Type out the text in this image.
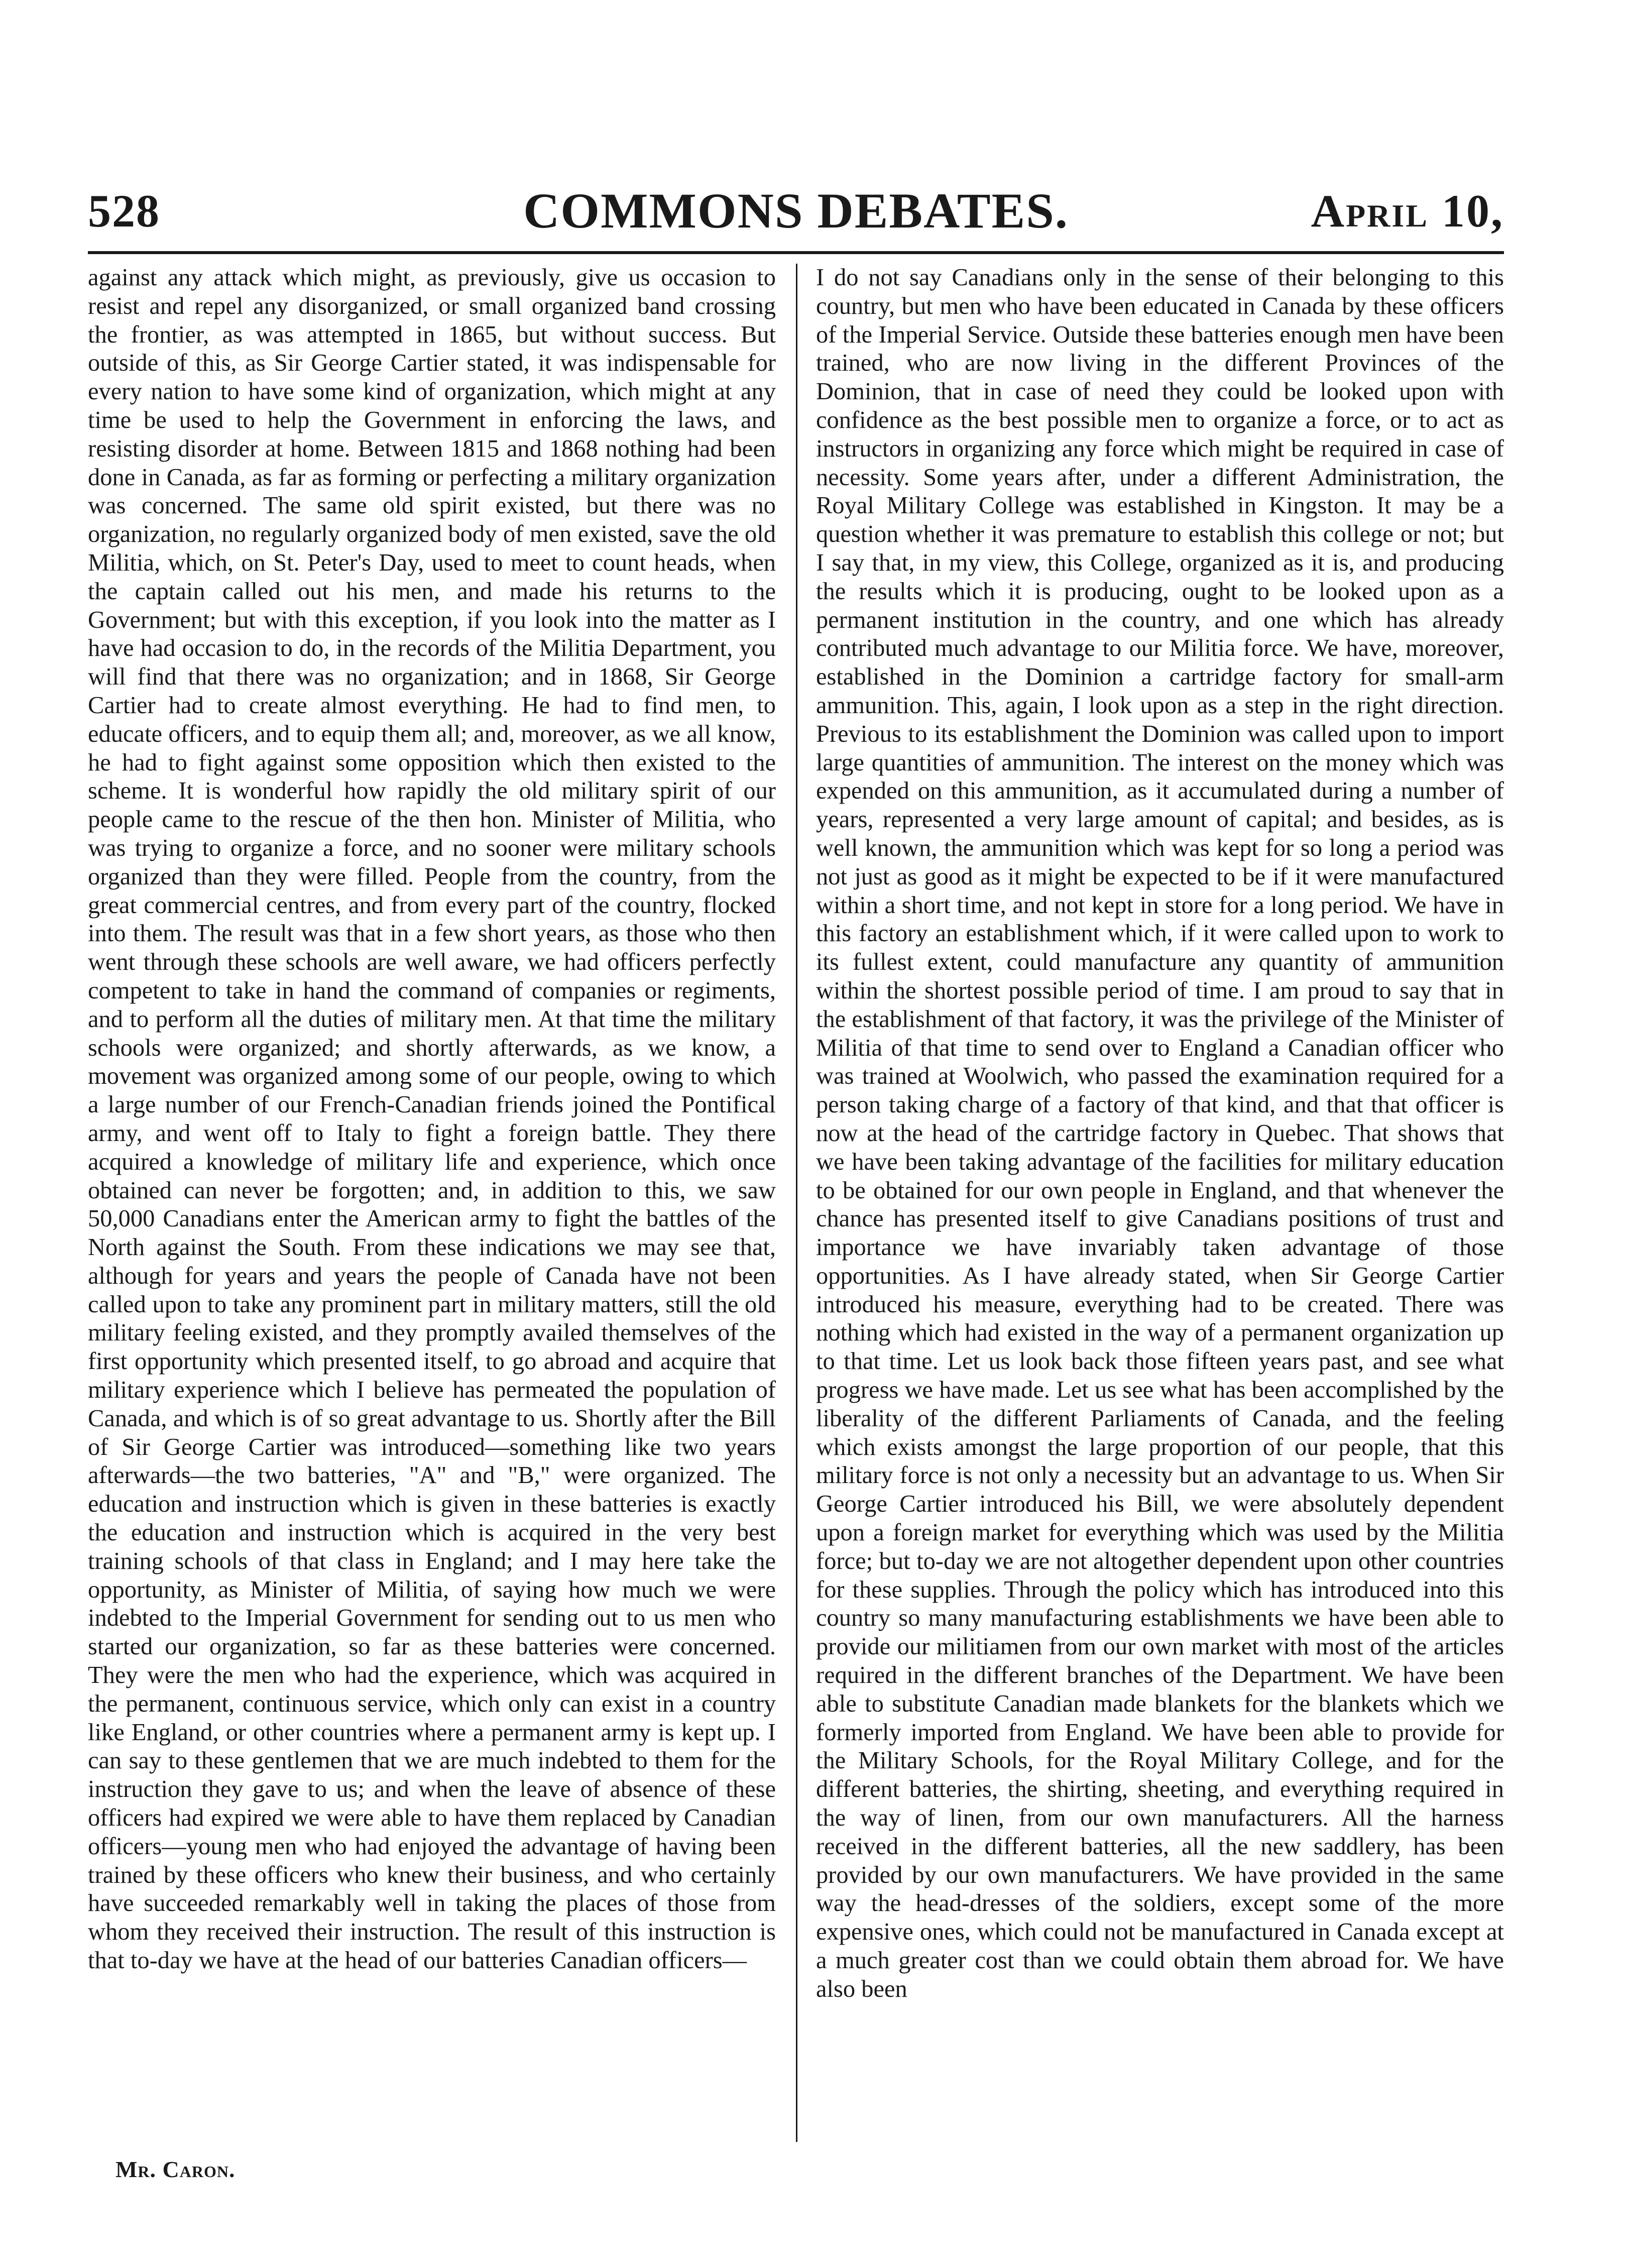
528	COMMONS DEBATES.	April 10,

against any attack which might, as previously, give us occasion to resist and repel any disorganized, or small organized band crossing the frontier, as was attempted in 1865, but without success. But outside of this, as Sir George Cartier stated, it was indispensable for every nation to have some kind of organization, which might at any time be used to help the Government in enforcing the laws, and resisting disorder at home. Between 1815 and 1868 nothing had been done in Canada, as far as forming or perfecting a military organization was concerned. The same old spirit existed, but there was no organization, no regularly organized body of men existed, save the old Militia, which, on St. Peter's Day, used to meet to count heads, when the captain called out his men, and made his returns to the Government; but with this exception, if you look into the matter as I have had occasion to do, in the records of the Militia Department, you will find that there was no organization; and in 1868, Sir George Cartier had to create almost everything. He had to find men, to educate officers, and to equip them all; and, moreover, as we all know, he had to fight against some opposition which then existed to the scheme. It is wonderful how rapidly the old military spirit of our people came to the rescue of the then hon. Minister of Militia, who was trying to organize a force, and no sooner were military schools organized than they were filled. People from the country, from the great commercial centres, and from every part of the country, flocked into them. The result was that in a few short years, as those who then went through these schools are well aware, we had officers perfectly competent to take in hand the command of companies or regiments, and to perform all the duties of military men. At that time the military schools were organized; and shortly afterwards, as we know, a movement was organized among some of our people, owing to which a large number of our French-Canadian friends joined the Pontifical army, and went off to Italy to fight a foreign battle. They there acquired a knowledge of military life and experience, which once obtained can never be forgotten; and, in addition to this, we saw 50,000 Canadians enter the American army to fight the battles of the North against the South. From these indications we may see that, although for years and years the people of Canada have not been called upon to take any prominent part in military matters, still the old military feeling existed, and they promptly availed themselves of the first opportunity which presented itself, to go abroad and acquire that military experience which I believe has permeated the population of Canada, and which is of so great advantage to us. Shortly after the Bill of Sir George Cartier was introduced—something like two years afterwards—the two batteries, "A" and "B," were organized. The education and instruction which is given in these batteries is exactly the education and instruction which is acquired in the very best training schools of that class in England; and I may here take the opportunity, as Minister of Militia, of saying how much we were indebted to the Imperial Government for sending out to us men who started our organization, so far as these batteries were concerned. They were the men who had the experience, which was acquired in the permanent, continuous service, which only can exist in a country like England, or other countries where a permanent army is kept up. I can say to these gentlemen that we are much indebted to them for the instruction they gave to us; and when the leave of absence of these officers had expired we were able to have them replaced by Canadian officers—young men who had enjoyed the advantage of having been trained by these officers who knew their business, and who certainly have succeeded remarkably well in taking the places of those from whom they received their instruction. The result of this instruction is that to-day we have at the head of our batteries Canadian officers—

I do not say Canadians only in the sense of their belonging to this country, but men who have been educated in Canada by these officers of the Imperial Service. Outside these batteries enough men have been trained, who are now living in the different Provinces of the Dominion, that in case of need they could be looked upon with confidence as the best possible men to organize a force, or to act as instructors in organizing any force which might be required in case of necessity. Some years after, under a different Administration, the Royal Military College was established in Kingston. It may be a question whether it was premature to establish this college or not; but I say that, in my view, this College, organized as it is, and producing the results which it is producing, ought to be looked upon as a permanent institution in the country, and one which has already contributed much advantage to our Militia force. We have, moreover, established in the Dominion a cartridge factory for small-arm ammunition. This, again, I look upon as a step in the right direction. Previous to its establishment the Dominion was called upon to import large quantities of ammunition. The interest on the money which was expended on this ammunition, as it accumulated during a number of years, represented a very large amount of capital; and besides, as is well known, the ammunition which was kept for so long a period was not just as good as it might be expected to be if it were manufactured within a short time, and not kept in store for a long period. We have in this factory an establishment which, if it were called upon to work to its fullest extent, could manufacture any quantity of ammunition within the shortest possible period of time. I am proud to say that in the establishment of that factory, it was the privilege of the Minister of Militia of that time to send over to England a Canadian officer who was trained at Woolwich, who passed the examination required for a person taking charge of a factory of that kind, and that that officer is now at the head of the cartridge factory in Quebec. That shows that we have been taking advantage of the facilities for military education to be obtained for our own people in England, and that whenever the chance has presented itself to give Canadians positions of trust and importance we have invariably taken advantage of those opportunities. As I have already stated, when Sir George Cartier introduced his measure, everything had to be created. There was nothing which had existed in the way of a permanent organization up to that time. Let us look back those fifteen years past, and see what progress we have made. Let us see what has been accomplished by the liberality of the different Parliaments of Canada, and the feeling which exists amongst the large proportion of our people, that this military force is not only a necessity but an advantage to us. When Sir George Cartier introduced his Bill, we were absolutely dependent upon a foreign market for everything which was used by the Militia force; but to-day we are not altogether dependent upon other countries for these supplies. Through the policy which has introduced into this country so many manufacturing establishments we have been able to provide our militiamen from our own market with most of the articles required in the different branches of the Department. We have been able to substitute Canadian made blankets for the blankets which we formerly imported from England. We have been able to provide for the Military Schools, for the Royal Military College, and for the different batteries, the shirting, sheeting, and everything required in the way of linen, from our own manufacturers. All the harness received in the different batteries, all the new saddlery, has been provided by our own manufacturers. We have provided in the same way the head-dresses of the soldiers, except some of the more expensive ones, which could not be manufactured in Canada except at a much greater cost than we could obtain them abroad for. We have also been

Mr. Caron.
